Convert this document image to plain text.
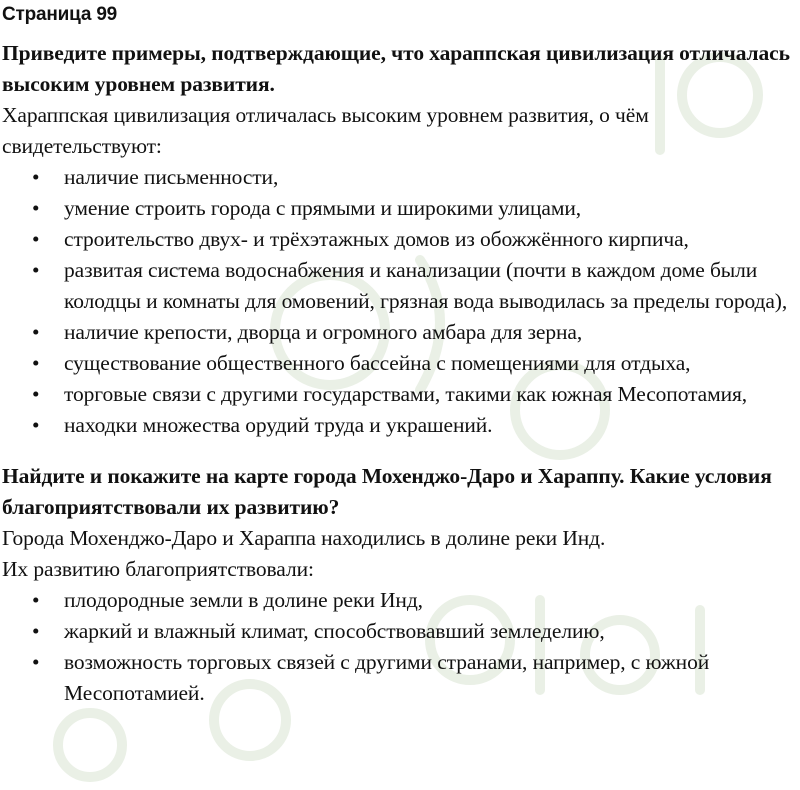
Страница 99

Приведите примеры, подтверждающие, что хараппская цивилизация отличалась высоким уровнем развития.

Хараппская цивилизация отличалась высоким уровнем развития, о чём свидетельствуют:

• наличие письменности,
• умение строить города с прямыми и широкими улицами,
• строительство двух- и трёхэтажных домов из обожжённого кирпича,
• развитая система водоснабжения и канализации (почти в каждом доме были колодцы и комнаты для омовений, грязная вода выводилась за пределы города),
• наличие крепости, дворца и огромного амбара для зерна,
• существование общественного бассейна с помещениями для отдыха,
• торговые связи с другими государствами, такими как южная Месопотамия,
• находки множества орудий труда и украшений.

Найдите и покажите на карте города Мохенджо-Даро и Хараппу. Какие условия благоприятствовали их развитию?

Города Мохенджо-Даро и Хараппа находились в долине реки Инд.

Их развитию благоприятствовали:

• плодородные земли в долине реки Инд,
• жаркий и влажный климат, способствовавший земледелию,
• возможность торговых связей с другими странами, например, с южной Месопотамией.
